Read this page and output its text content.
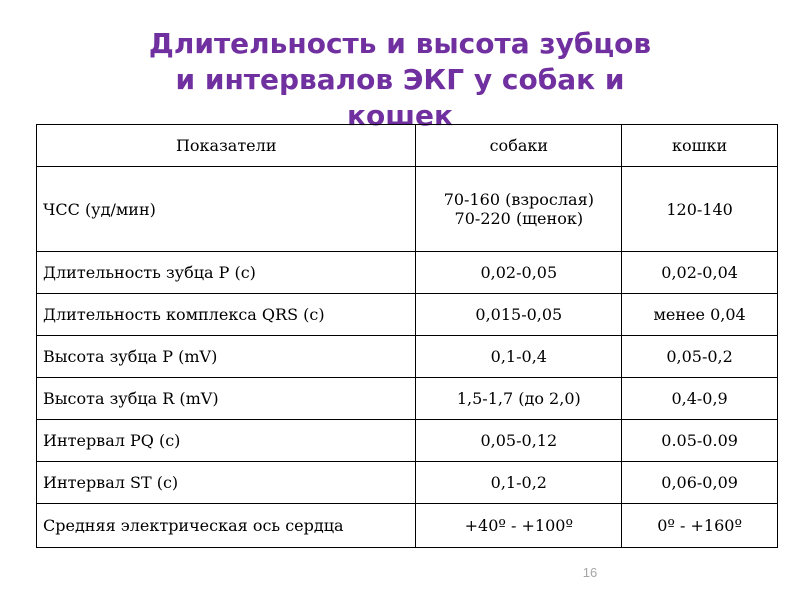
Длительность и высота зубцов
и интервалов ЭКГ у собак и
кошек
Показатели	собаки	кошки
ЧСС (уд/мин)	70-160 (взрослая)
70-220 (щенок)	120-140
Длительность зубца P (с)	0,02-0,05	0,02-0,04
Длительность комплекса QRS (с)	0,015-0,05	менее 0,04
Высота зубца P (mV)	0,1-0,4	0,05-0,2
Высота зубца R (mV)	1,5-1,7 (до 2,0)	0,4-0,9
Интервал PQ (с)	0,05-0,12	0.05-0.09
Интервал ST (с)	0,1-0,2	0,06-0,09
Средняя электрическая ось сердца	+40º - +100º	0º - +160º
16
